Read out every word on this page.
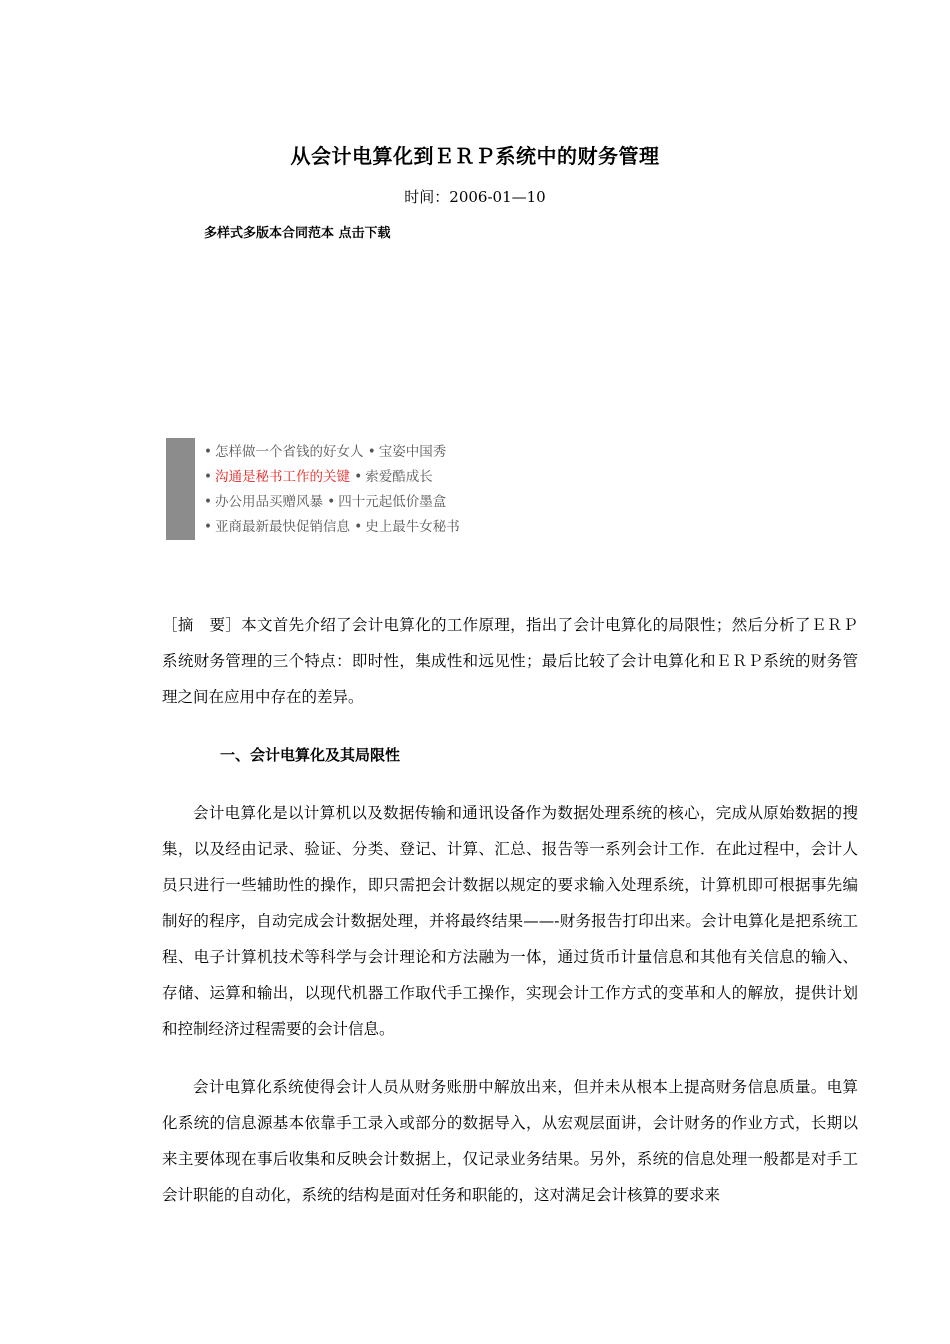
从会计电算化到ＥＲＰ系统中的财务管理
时间：2006-01—10
多样式多版本合同范本 点击下载
• 怎样做一个省钱的好女人 • 宝姿中国秀
• 沟通是秘书工作的关键 • 索爱酷成长
• 办公用品买赠风暴 • 四十元起低价墨盒
• 亚商最新最快促销信息 • 史上最牛女秘书

［摘　要］本文首先介绍了会计电算化的工作原理，指出了会计电算化的局限性；然后分析了ＥＲＰ系统财务管理的三个特点：即时性，集成性和远见性；最后比较了会计电算化和ＥＲＰ系统的财务管理之间在应用中存在的差异。

一、会计电算化及其局限性

会计电算化是以计算机以及数据传输和通讯设备作为数据处理系统的核心，完成从原始数据的搜集，以及经由记录、验证、分类、登记、计算、汇总、报告等一系列会计工作．在此过程中，会计人员只进行一些辅助性的操作，即只需把会计数据以规定的要求输入处理系统，计算机即可根据事先编制好的程序，自动完成会计数据处理，并将最终结果——-财务报告打印出来。会计电算化是把系统工程、电子计算机技术等科学与会计理论和方法融为一体，通过货币计量信息和其他有关信息的输入、存储、运算和输出，以现代机器工作取代手工操作，实现会计工作方式的变革和人的解放，提供计划和控制经济过程需要的会计信息。

会计电算化系统使得会计人员从财务账册中解放出来，但并未从根本上提高财务信息质量。电算化系统的信息源基本依靠手工录入或部分的数据导入，从宏观层面讲，会计财务的作业方式，长期以来主要体现在事后收集和反映会计数据上，仅记录业务结果。另外，系统的信息处理一般都是对手工会计职能的自动化，系统的结构是面对任务和职能的，这对满足会计核算的要求来
